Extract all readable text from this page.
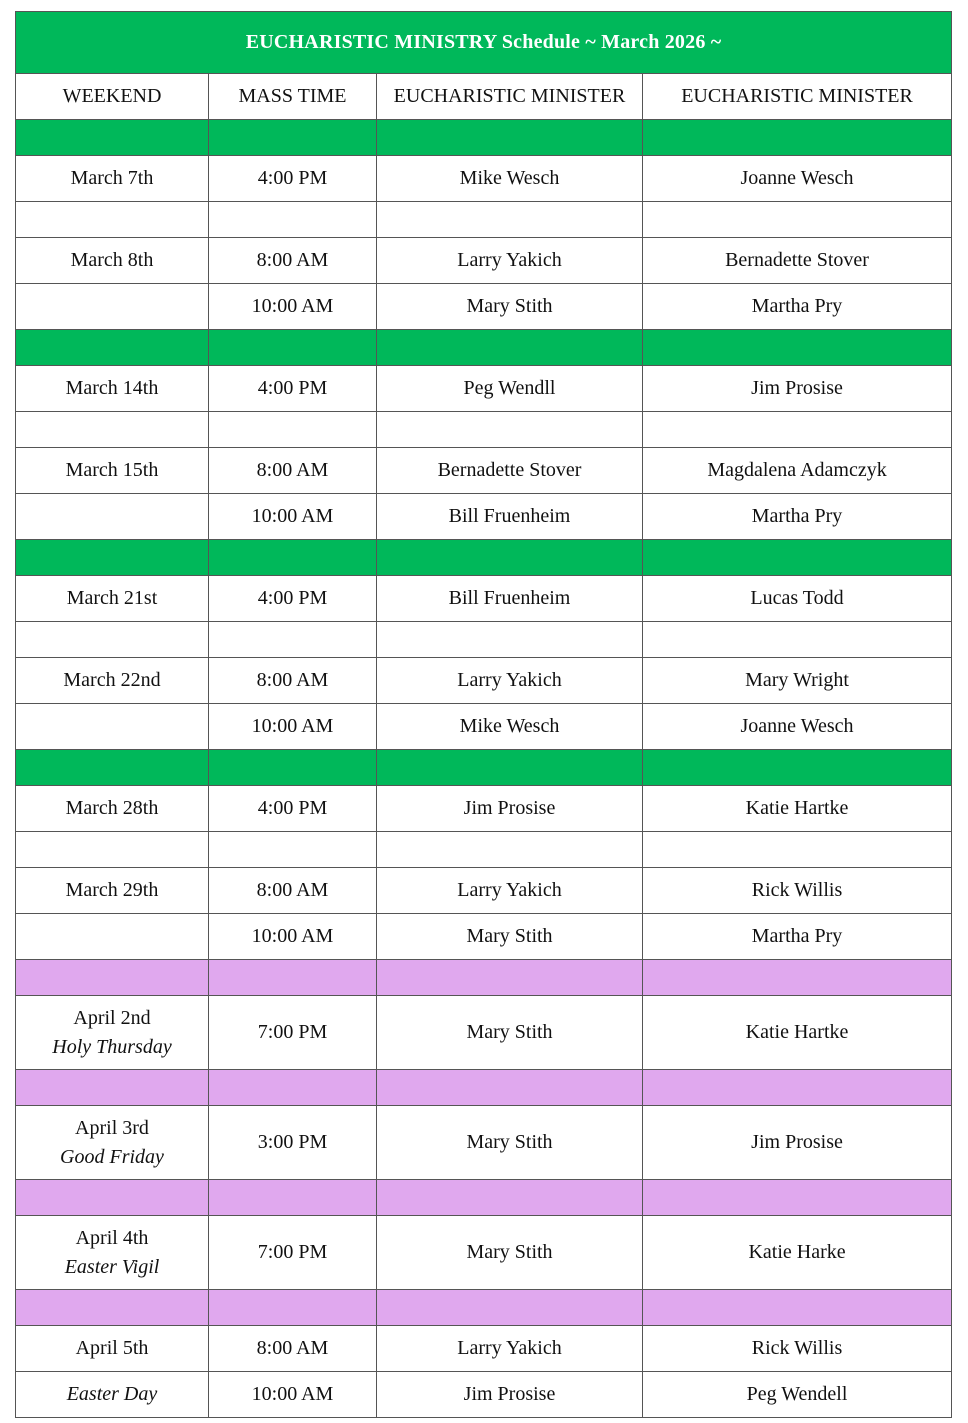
EUCHARISTIC MINISTRY Schedule ~ March 2026 ~			
WEEKEND	MASS TIME	EUCHARISTIC MINISTER	EUCHARISTIC MINISTER

March 7th	4:00 PM	Mike Wesch	Joanne Wesch

March 8th	8:00 AM	Larry Yakich	Bernadette Stover
	10:00 AM	Mary Stith	Martha Pry

March 14th	4:00 PM	Peg Wendll	Jim Prosise

March 15th	8:00 AM	Bernadette Stover	Magdalena Adamczyk
	10:00 AM	Bill Fruenheim	Martha Pry

March 21st	4:00 PM	Bill Fruenheim	Lucas Todd

March 22nd	8:00 AM	Larry Yakich	Mary Wright
	10:00 AM	Mike Wesch	Joanne Wesch

March 28th	4:00 PM	Jim Prosise	Katie Hartke

March 29th	8:00 AM	Larry Yakich	Rick Willis
	10:00 AM	Mary Stith	Martha Pry

April 2nd
Holy Thursday	7:00 PM	Mary Stith	Katie Hartke

April 3rd
Good Friday	3:00 PM	Mary Stith	Jim Prosise

April 4th
Easter Vigil	7:00 PM	Mary Stith	Katie Harke

April 5th	8:00 AM	Larry Yakich	Rick Willis
Easter Day	10:00 AM	Jim Prosise	Peg Wendell
